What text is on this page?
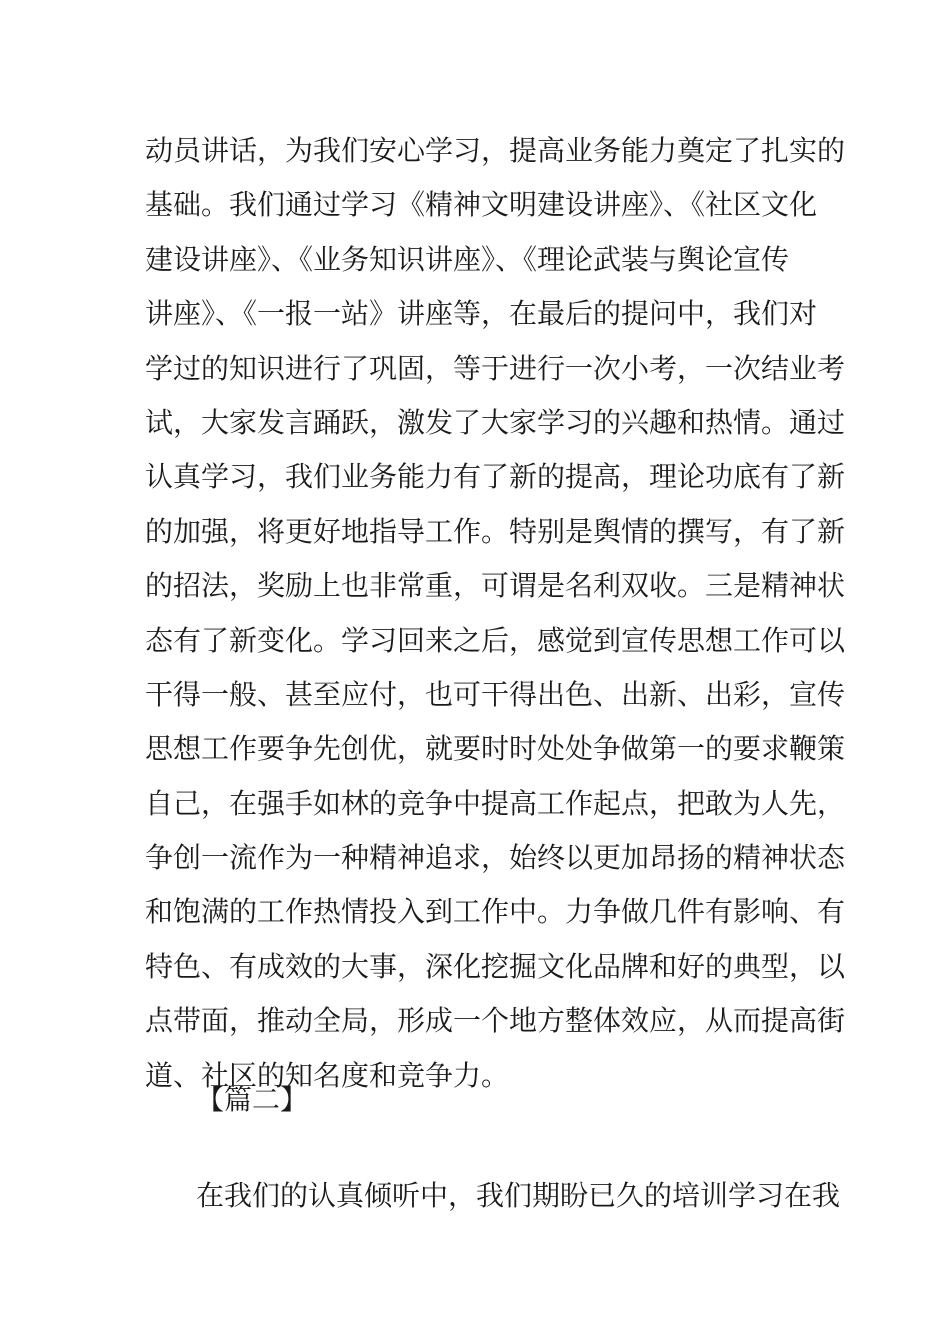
动员讲话，为我们安心学习，提高业务能力奠定了扎实的
基础。我们通过学习《精神文明建设讲座》、《社区文化
建设讲座》、《业务知识讲座》、《理论武装与舆论宣传
讲座》、《一报一站》讲座等，在最后的提问中，我们对
学过的知识进行了巩固，等于进行一次小考，一次结业考
试，大家发言踊跃，激发了大家学习的兴趣和热情。通过
认真学习，我们业务能力有了新的提高，理论功底有了新
的加强，将更好地指导工作。特别是舆情的撰写，有了新
的招法，奖励上也非常重，可谓是名利双收。三是精神状
态有了新变化。学习回来之后，感觉到宣传思想工作可以
干得一般、甚至应付，也可干得出色、出新、出彩，宣传
思想工作要争先创优，就要时时处处争做第一的要求鞭策
自己，在强手如林的竞争中提高工作起点，把敢为人先，
争创一流作为一种精神追求，始终以更加昂扬的精神状态
和饱满的工作热情投入到工作中。力争做几件有影响、有
特色、有成效的大事，深化挖掘文化品牌和好的典型，以
点带面，推动全局，形成一个地方整体效应，从而提高街
道、社区的知名度和竞争力。
【篇二】

在我们的认真倾听中，我们期盼已久的培训学习在我
